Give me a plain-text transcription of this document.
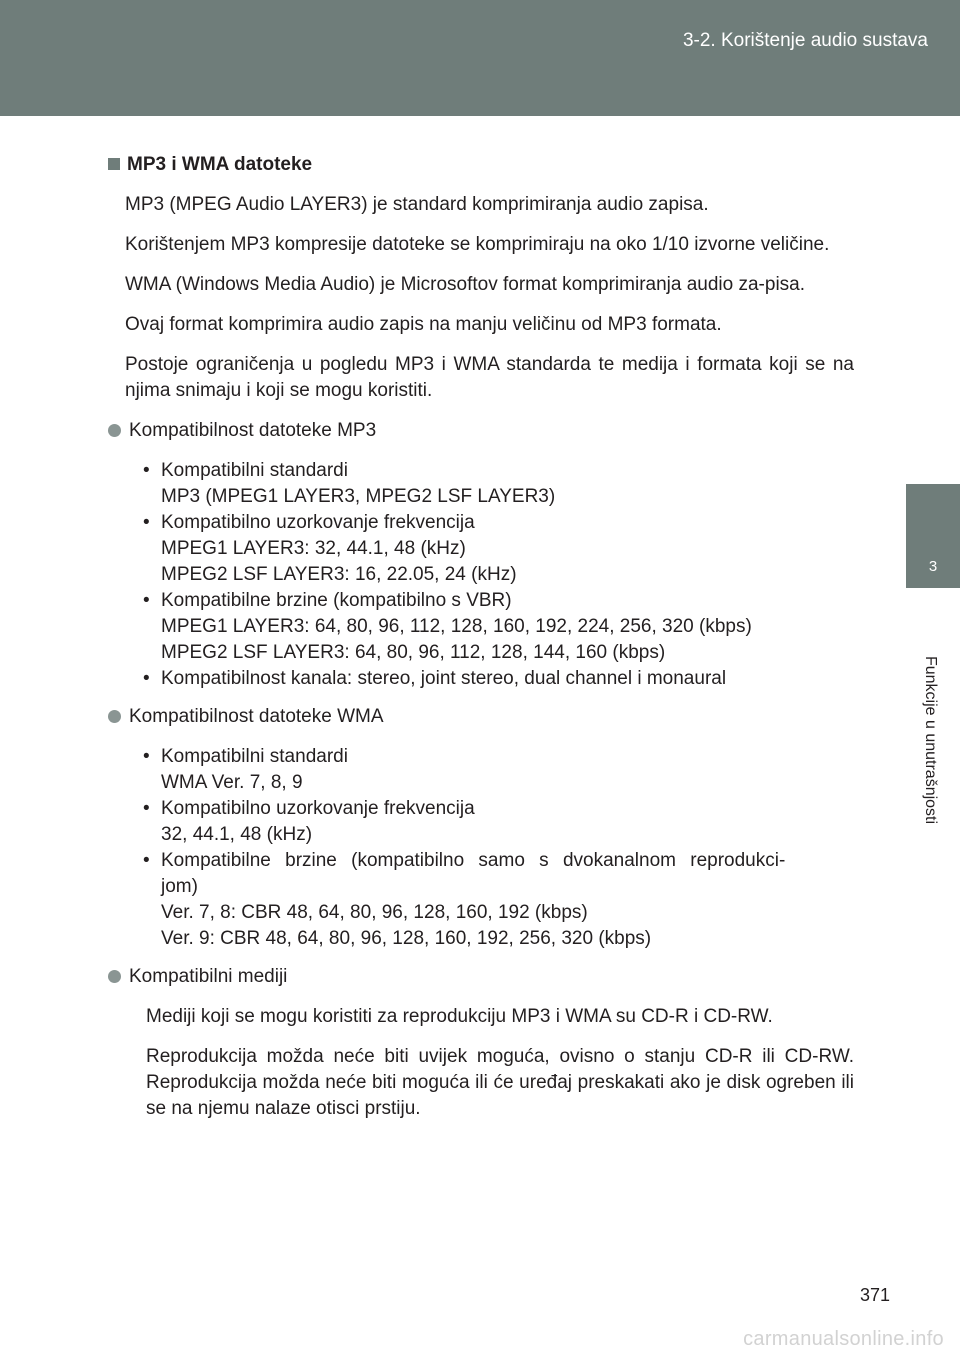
3-2. Korištenje audio sustava
3
Funkcije u unutrašnjosti
MP3 i WMA datoteke

MP3 (MPEG Audio LAYER3) je standard komprimiranja audio zapisa.

Korištenjem MP3 kompresije datoteke se komprimiraju na oko 1/10 izvorne veličine.

WMA (Windows Media Audio) je Microsoftov format komprimiranja audio za-pisa.

Ovaj format komprimira audio zapis na manju veličinu od MP3 formata.

Postoje ograničenja u pogledu MP3 i WMA standarda te medija i formata koji se na njima snimaju i koji se mogu koristiti.

Kompatibilnost datoteke MP3
• Kompatibilni standardi
MP3 (MPEG1 LAYER3, MPEG2 LSF LAYER3)
• Kompatibilno uzorkovanje frekvencija
MPEG1 LAYER3: 32, 44.1, 48 (kHz)
MPEG2 LSF LAYER3: 16, 22.05, 24 (kHz)
• Kompatibilne brzine (kompatibilno s VBR)
MPEG1 LAYER3: 64, 80, 96, 112, 128, 160, 192, 224, 256, 320 (kbps)
MPEG2 LSF LAYER3: 64, 80, 96, 112, 128, 144, 160 (kbps)
• Kompatibilnost kanala: stereo, joint stereo, dual channel i monaural
Kompatibilnost datoteke WMA
• Kompatibilni standardi
WMA Ver. 7, 8, 9
• Kompatibilno uzorkovanje frekvencija
32, 44.1, 48 (kHz)
• Kompatibilne brzine (kompatibilno samo s dvokanalnom reprodukci-
jom)
Ver. 7, 8: CBR 48, 64, 80, 96, 128, 160, 192 (kbps)
Ver. 9: CBR 48, 64, 80, 96, 128, 160, 192, 256, 320 (kbps)
Kompatibilni mediji

Mediji koji se mogu koristiti za reprodukciju MP3 i WMA su CD-R i CD-RW.

Reprodukcija možda neće biti uvijek moguća, ovisno o stanju CD-R ili CD-RW. Reprodukcija možda neće biti moguća ili će uređaj preskakati ako je disk ogreben ili se na njemu nalaze otisci prstiju.

371
carmanualsonline.info
